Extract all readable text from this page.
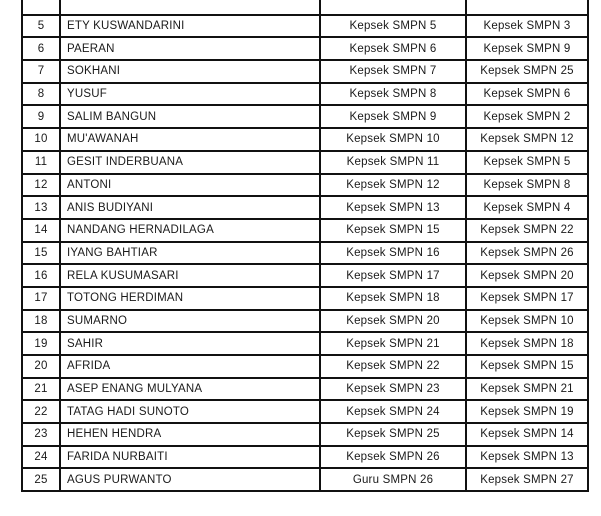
5	ETY KUSWANDARINI	Kepsek SMPN 5	Kepsek SMPN 3
6	PAERAN	Kepsek SMPN 6	Kepsek SMPN 9
7	SOKHANI	Kepsek SMPN 7	Kepsek SMPN 25
8	YUSUF	Kepsek SMPN 8	Kepsek SMPN 6
9	SALIM BANGUN	Kepsek SMPN 9	Kepsek SMPN 2
10	MU'AWANAH	Kepsek SMPN 10	Kepsek SMPN 12
11	GESIT INDERBUANA	Kepsek SMPN 11	Kepsek SMPN 5
12	ANTONI	Kepsek SMPN 12	Kepsek SMPN 8
13	ANIS BUDIYANI	Kepsek SMPN 13	Kepsek SMPN 4
14	NANDANG HERNADILAGA	Kepsek SMPN 15	Kepsek SMPN 22
15	IYANG BAHTIAR	Kepsek SMPN 16	Kepsek SMPN 26
16	RELA KUSUMASARI	Kepsek SMPN 17	Kepsek SMPN 20
17	TOTONG HERDIMAN	Kepsek SMPN 18	Kepsek SMPN 17
18	SUMARNO	Kepsek SMPN 20	Kepsek SMPN 10
19	SAHIR	Kepsek SMPN 21	Kepsek SMPN 18
20	AFRIDA	Kepsek SMPN 22	Kepsek SMPN 15
21	ASEP ENANG MULYANA	Kepsek SMPN 23	Kepsek SMPN 21
22	TATAG HADI SUNOTO	Kepsek SMPN 24	Kepsek SMPN 19
23	HEHEN HENDRA	Kepsek SMPN 25	Kepsek SMPN 14
24	FARIDA NURBAITI	Kepsek SMPN 26	Kepsek SMPN 13
25	AGUS PURWANTO	Guru SMPN 26	Kepsek SMPN 27
